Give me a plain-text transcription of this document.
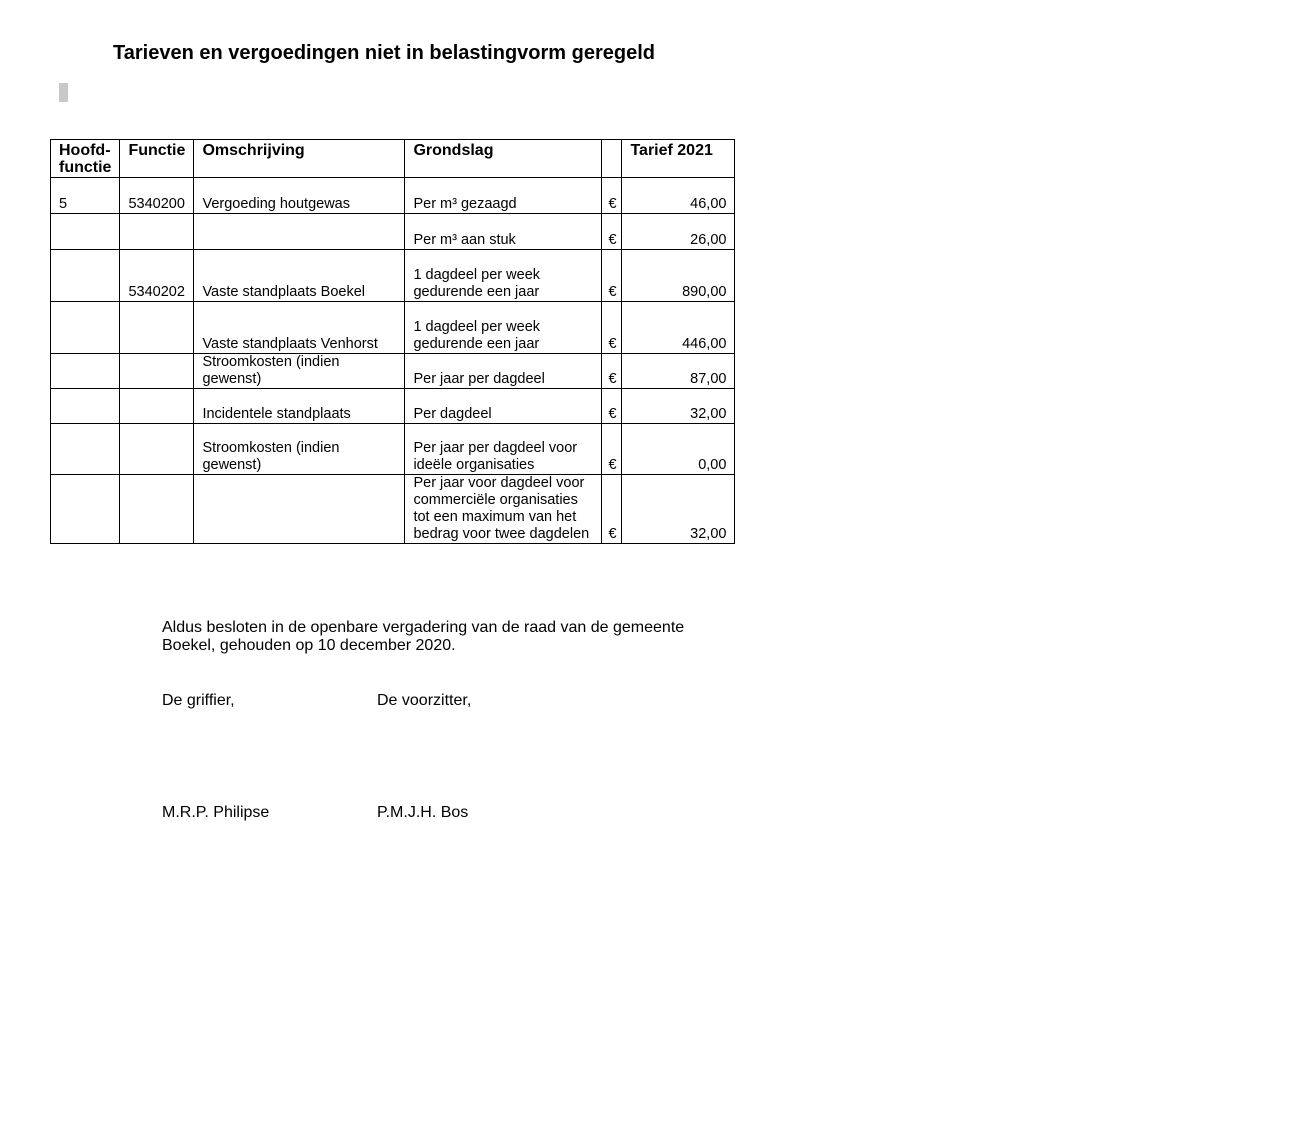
Tarieven en vergoedingen niet in belastingvorm geregeld
Hoofd-
functie	Functie	Omschrijving	Grondslag		Tarief 2021
5	5340200	Vergoeding houtgewas	Per m³ gezaagd	€	46,00
			Per m³ aan stuk	€	26,00
	5340202	Vaste standplaats Boekel	1 dagdeel per week
gedurende een jaar	€	890,00
		Vaste standplaats Venhorst	1 dagdeel per week
gedurende een jaar	€	446,00
		Stroomkosten (indien
gewenst)	Per jaar per dagdeel	€	87,00
		Incidentele standplaats	Per dagdeel	€	32,00
		Stroomkosten (indien
gewenst)	Per jaar per dagdeel voor
ideële organisaties	€	0,00
			Per jaar voor dagdeel voor
commerciële organisaties
tot een maximum van het
bedrag voor twee dagdelen	€	32,00
Aldus besloten in de openbare vergadering van de raad van de gemeente Boekel, gehouden op 10 december 2020.
De griffier,	De voorzitter,
M.R.P. Philipse	P.M.J.H. Bos
